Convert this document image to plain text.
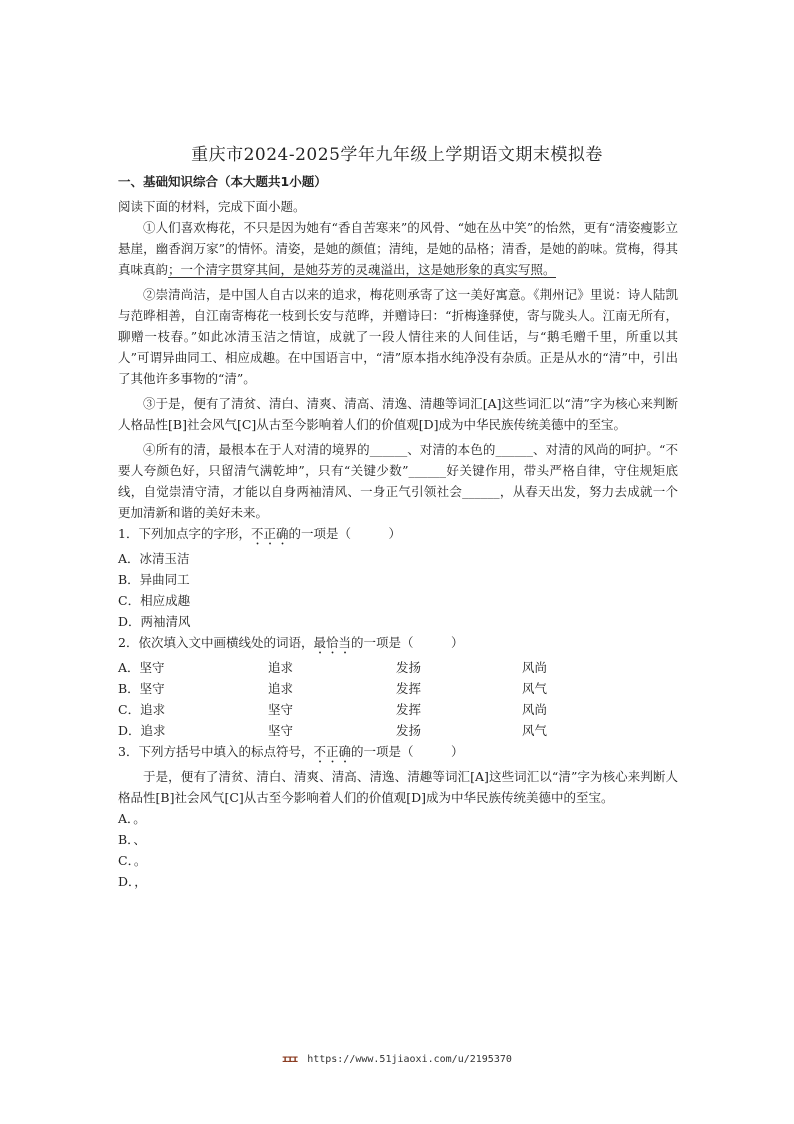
重庆市2024-2025学年九年级上学期语文期末模拟卷
一、基础知识综合（本大题共1小题）

阅读下面的材料，完成下面小题。

①人们喜欢梅花，不只是因为她有“香自苦寒来”的风骨、“她在丛中笑”的怡然，更有“清姿瘦影立悬崖，幽香润万家”的情怀。清姿，是她的颜值；清纯，是她的品格；清香，是她的韵味。赏梅，得其真味真韵；一个清字贯穿其间，是她芬芳的灵魂溢出，这是她形象的真实写照。

②崇清尚洁，是中国人自古以来的追求，梅花则承寄了这一美好寓意。《荆州记》里说：诗人陆凯与范晔相善，自江南寄梅花一枝到长安与范晔，并赠诗曰：“折梅逢驿使，寄与陇头人。江南无所有，聊赠一枝春。”如此冰清玉洁之情谊，成就了一段人情往来的人间佳话，与“鹅毛赠千里，所重以其人”可谓异曲同工、相应成趣。在中国语言中，“清”原本指水纯净没有杂质。正是从水的“清”中，引出了其他许多事物的“清”。

③于是，便有了清贫、清白、清爽、清高、清逸、清趣等词汇[A]这些词汇以“清”字为核心来判断人格品性[B]社会风气[C]从古至今影响着人们的价值观[D]成为中华民族传统美德中的至宝。

④所有的清，最根本在于人对清的境界的______、对清的本色的______、对清的风尚的呵护。“不要人夸颜色好，只留清气满乾坤”，只有“关键少数”______好关键作用，带头严格自律，守住规矩底线，自觉崇清守清，才能以自身两袖清风、一身正气引领社会______，从春天出发，努力去成就一个更加清新和谐的美好未来。

1．下列加点字的字形，不正确的一项是（　　　）

A．冰清玉洁

B．异曲同工

C．相应成趣

D．两袖清风

2．依次填入文中画横线处的词语，最恰当的一项是（　　　）

A．坚守	追求	发扬	风尚
B．坚守	追求	发挥	风气
C．追求	坚守	发挥	风尚
D．追求	坚守	发扬	风气

3．下列方括号中填入的标点符号，不正确的一项是（　　　）

于是，便有了清贫、清白、清爽、清高、清逸、清趣等词汇[A]这些词汇以“清”字为核心来判断人格品性[B]社会风气[C]从古至今影响着人们的价值观[D]成为中华民族传统美德中的至宝。

A．。

B．、

C．。

D．，

ɪɪɪ https://www.51jiaoxi.com/u/2195370
